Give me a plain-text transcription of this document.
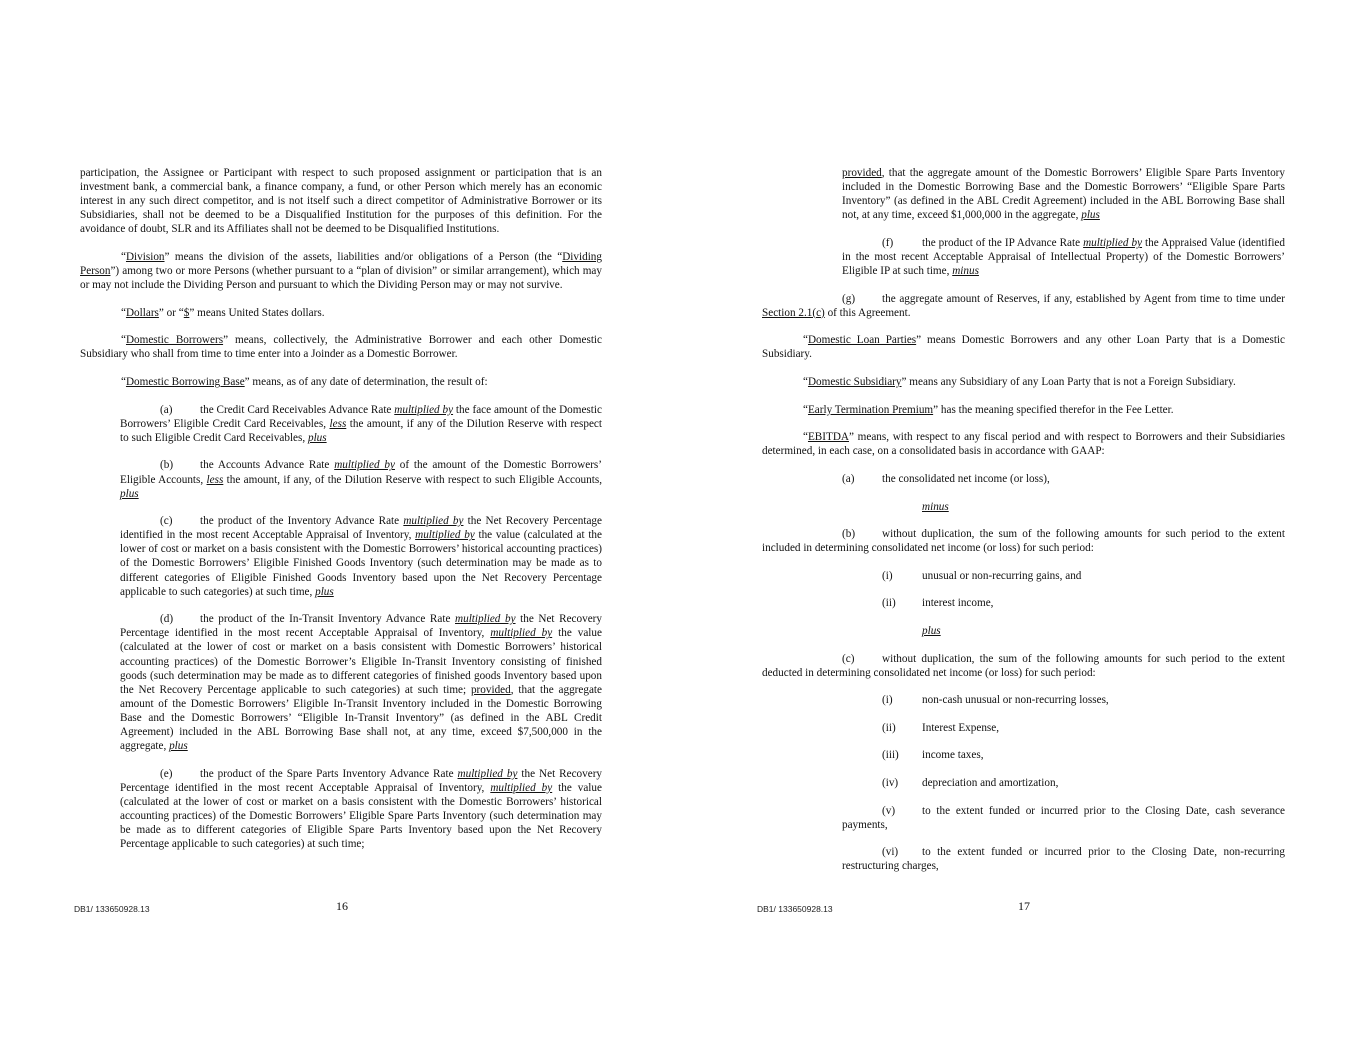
participation, the Assignee or Participant with respect to such proposed assignment or participation that is an investment bank, a commercial bank, a finance company, a fund, or other Person which merely has an economic interest in any such direct competitor, and is not itself such a direct competitor of Administrative Borrower or its Subsidiaries, shall not be deemed to be a Disqualified Institution for the purposes of this definition. For the avoidance of doubt, SLR and its Affiliates shall not be deemed to be Disqualified Institutions.

“Division” means the division of the assets, liabilities and/or obligations of a Person (the “Dividing Person”) among two or more Persons (whether pursuant to a “plan of division” or similar arrangement), which may or may not include the Dividing Person and pursuant to which the Dividing Person may or may not survive.

“Dollars” or “$” means United States dollars.

“Domestic Borrowers” means, collectively, the Administrative Borrower and each other Domestic Subsidiary who shall from time to time enter into a Joinder as a Domestic Borrower.

“Domestic Borrowing Base” means, as of any date of determination, the result of:

(a) the Credit Card Receivables Advance Rate multiplied by the face amount of the Domestic Borrowers’ Eligible Credit Card Receivables, less the amount, if any of the Dilution Reserve with respect to such Eligible Credit Card Receivables, plus

(b) the Accounts Advance Rate multiplied by of the amount of the Domestic Borrowers’ Eligible Accounts, less the amount, if any, of the Dilution Reserve with respect to such Eligible Accounts, plus

(c) the product of the Inventory Advance Rate multiplied by the Net Recovery Percentage identified in the most recent Acceptable Appraisal of Inventory, multiplied by the value (calculated at the lower of cost or market on a basis consistent with the Domestic Borrowers’ historical accounting practices) of the Domestic Borrowers’ Eligible Finished Goods Inventory (such determination may be made as to different categories of Eligible Finished Goods Inventory based upon the Net Recovery Percentage applicable to such categories) at such time, plus

(d) the product of the In-Transit Inventory Advance Rate multiplied by the Net Recovery Percentage identified in the most recent Acceptable Appraisal of Inventory, multiplied by the value (calculated at the lower of cost or market on a basis consistent with Domestic Borrowers’ historical accounting practices) of the Domestic Borrower’s Eligible In-Transit Inventory consisting of finished goods (such determination may be made as to different categories of finished goods Inventory based upon the Net Recovery Percentage applicable to such categories) at such time; provided, that the aggregate amount of the Domestic Borrowers’ Eligible In-Transit Inventory included in the Domestic Borrowing Base and the Domestic Borrowers’ “Eligible In-Transit Inventory” (as defined in the ABL Credit Agreement) included in the ABL Borrowing Base shall not, at any time, exceed $7,500,000 in the aggregate, plus

(e) the product of the Spare Parts Inventory Advance Rate multiplied by the Net Recovery Percentage identified in the most recent Acceptable Appraisal of Inventory, multiplied by the value (calculated at the lower of cost or market on a basis consistent with the Domestic Borrowers’ historical accounting practices) of the Domestic Borrowers’ Eligible Spare Parts Inventory (such determination may be made as to different categories of Eligible Spare Parts Inventory based upon the Net Recovery Percentage applicable to such categories) at such time;

DB1/ 133650928.13	16

provided, that the aggregate amount of the Domestic Borrowers’ Eligible Spare Parts Inventory included in the Domestic Borrowing Base and the Domestic Borrowers’ “Eligible Spare Parts Inventory” (as defined in the ABL Credit Agreement) included in the ABL Borrowing Base shall not, at any time, exceed $1,000,000 in the aggregate, plus

(f)	the product of the IP Advance Rate multiplied by the Appraised Value (identified in the most recent Acceptable Appraisal of Intellectual Property) of the Domestic Borrowers’ Eligible IP at such time, minus

(g) the aggregate amount of Reserves, if any, established by Agent from time to time under Section 2.1(c) of this Agreement.

“Domestic Loan Parties” means Domestic Borrowers and any other Loan Party that is a Domestic Subsidiary.

“Domestic Subsidiary” means any Subsidiary of any Loan Party that is not a Foreign Subsidiary.

“Early Termination Premium” has the meaning specified therefor in the Fee Letter.

“EBITDA” means, with respect to any fiscal period and with respect to Borrowers and their Subsidiaries determined, in each case, on a consolidated basis in accordance with GAAP:

(a) the consolidated net income (or loss),

minus

(b) without duplication, the sum of the following amounts for such period to the extent included in determining consolidated net income (or loss) for such period:

(i)	unusual or non-recurring gains, and

(ii) interest income,

plus

(c) without duplication, the sum of the following amounts for such period to the extent deducted in determining consolidated net income (or loss) for such period:

(i)	non-cash unusual or non-recurring losses,

(ii) Interest Expense,

(iii) income taxes,

(iv) depreciation and amortization,

(v) to the extent funded or incurred prior to the Closing Date, cash severance payments,

(vi) to the extent funded or incurred prior to the Closing Date, non-recurring restructuring charges,

DB1/ 133650928.13	17
